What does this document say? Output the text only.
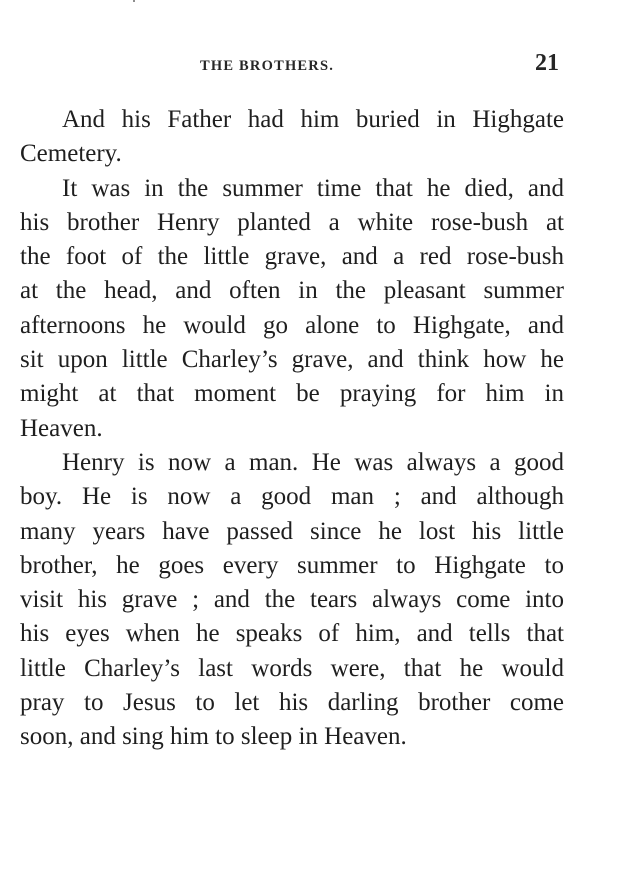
THE BROTHERS.	21
And his Father had him buried in Highgate
Cemetery.
It was in the summer time that he died, and
his brother Henry planted a white rose-bush at
the foot of the little grave, and a red rose-bush
at the head, and often in the pleasant summer
afternoons he would go alone to Highgate, and
sit upon little Charley’s grave, and think how he
might at that moment be praying for him in
Heaven.
Henry is now a man. He was always a good
boy. He is now a good man ; and although
many years have passed since he lost his little
brother, he goes every summer to Highgate to
visit his grave ; and the tears always come into
his eyes when he speaks of him, and tells that
little Charley’s last words were, that he would
pray to Jesus to let his darling brother come
soon, and sing him to sleep in Heaven.
